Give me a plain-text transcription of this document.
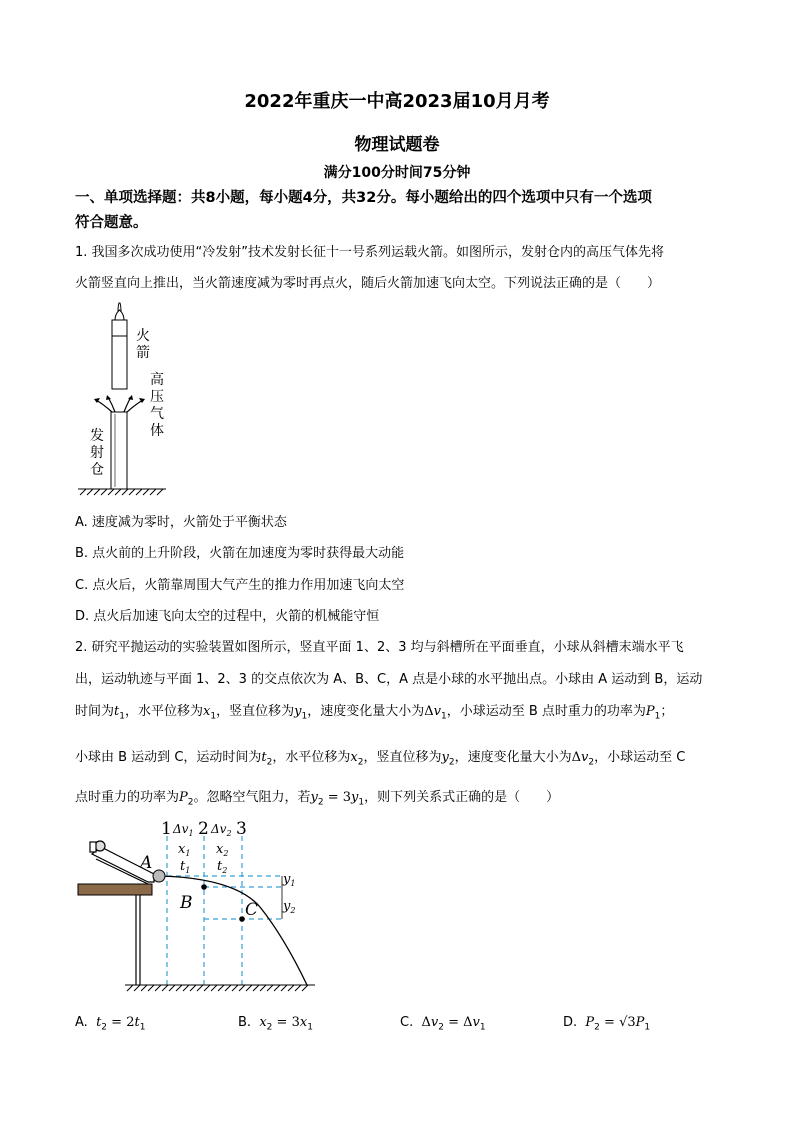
2022年重庆一中高2023届10月月考
物理试题卷
满分100分时间75分钟
一、单项选择题：共8小题，每小题4分，共32分。每小题给出的四个选项中只有一个选项
符合题意。
1. 我国多次成功使用“冷发射”技术发射长征十一号系列运载火箭。如图所示，发射仓内的高压气体先将
火箭竖直向上推出，当火箭速度减为零时再点火，随后火箭加速飞向太空。下列说法正确的是（　　）
火
箭
高
压
气
体
发
射
仓
A. 速度减为零时，火箭处于平衡状态
B. 点火前的上升阶段，火箭在加速度为零时获得最大动能
C. 点火后，火箭靠周围大气产生的推力作用加速飞向太空
D. 点火后加速飞向太空的过程中，火箭的机械能守恒
2. 研究平抛运动的实验装置如图所示，竖直平面 1、2、3 均与斜槽所在平面垂直，小球从斜槽末端水平飞
出，运动轨迹与平面 1、2、3 的交点依次为 A、B、C，A 点是小球的水平抛出点。小球由 A 运动到 B，运动
时间为$t_1$，水平位移为$x_1$，竖直位移为$y_1$，速度变化量大小为$\Delta v_1$，小球运动至 B 点时重力的功率为$P_1$；
小球由 B 运动到 C，运动时间为$t_2$，水平位移为$x_2$，竖直位移为$y_2$，速度变化量大小为$\Delta v_2$，小球运动至 C
点时重力的功率为$P_2$。忽略空气阻力，若$y_2 = 3y_1$，则下列关系式正确的是（　　）
1 2 3
$\Delta v_1$ $\Delta v_2$
$x_1$ $x_2$
$t_1$ $t_2$
$y_1$
$y_2$
A
B	C
A. $t_2 = 2t_1$	B. $x_2 = 3x_1$	C. $\Delta v_2 = \Delta v_1$	D. $P_2 = √3P_1$
